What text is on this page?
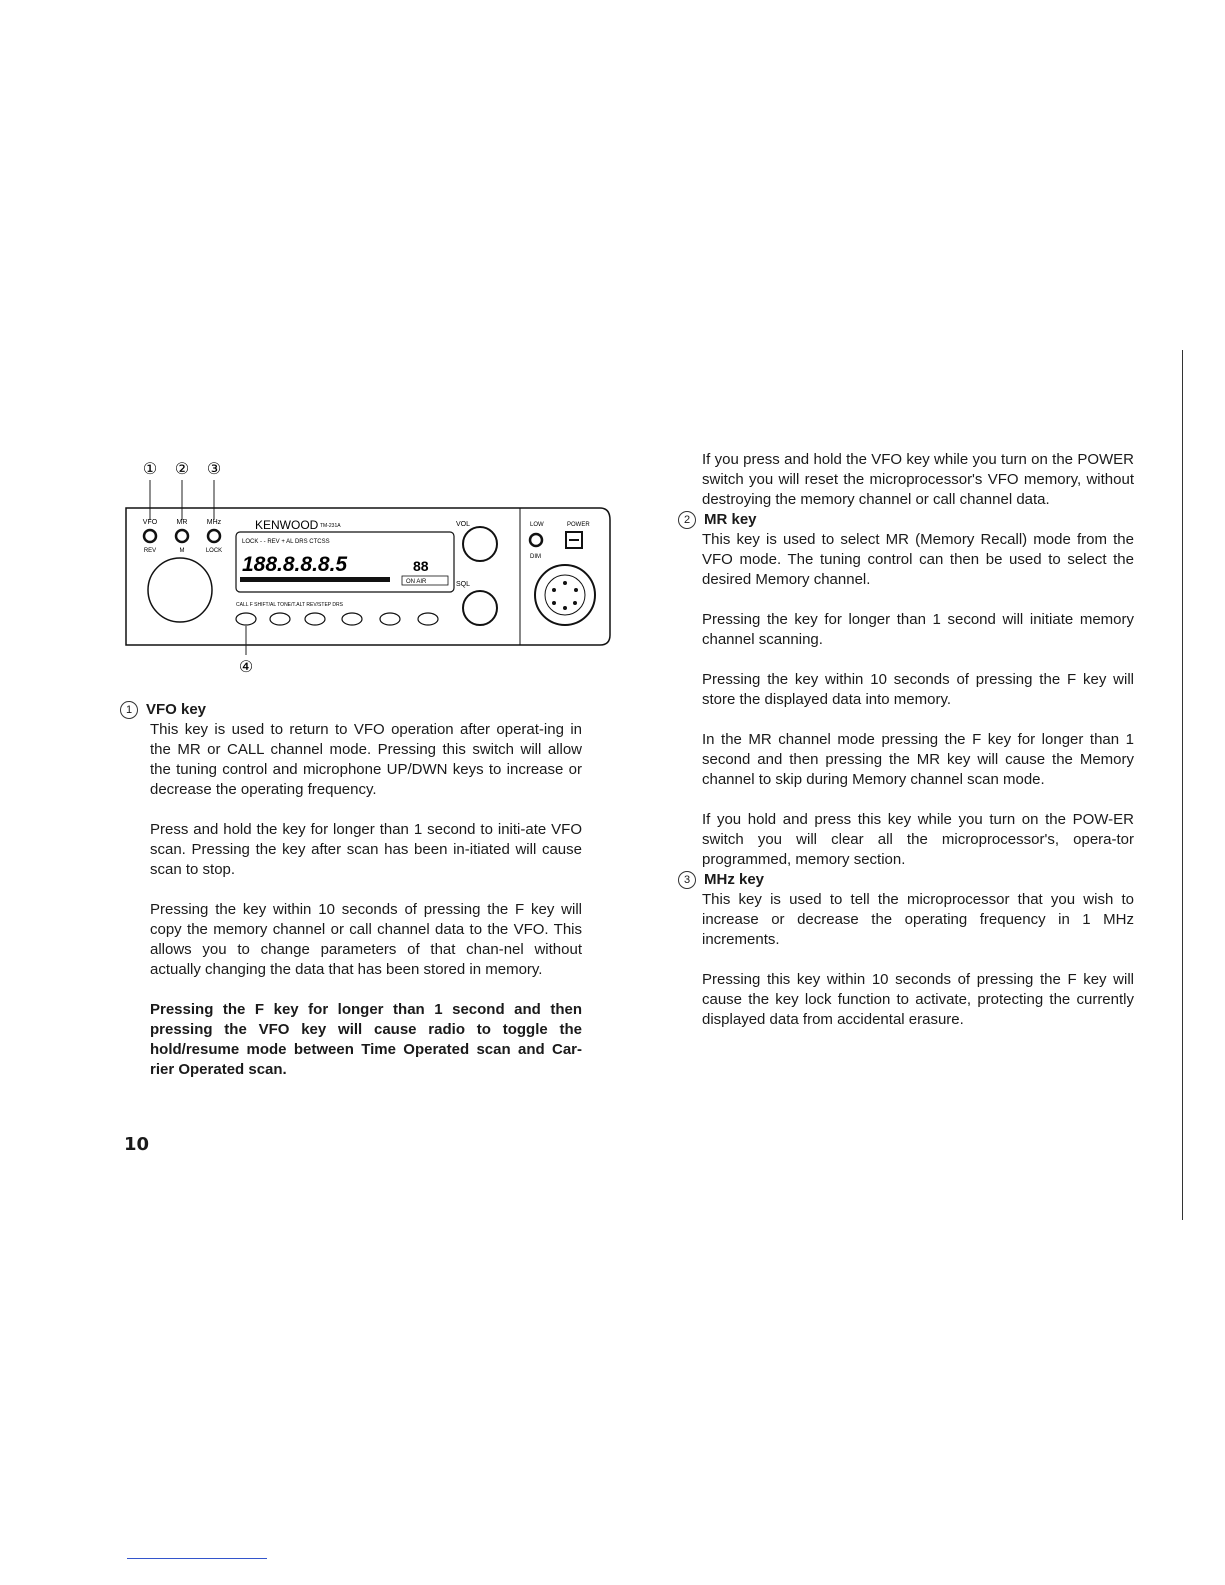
① ② ③
VFO	MR	MHz
REV	M	LOCK
KENWOOD TM-231A
LOCK - - REV + AL DRS CTCSS
188.8.8.8.5	88
ON AIR
CALL F SHIFT/AL TONE/T.ALT REV/STEP DRS
VOL
SQL
LOW	POWER
DIM
④
1 VFO key

This key is used to return to VFO operation after operat-ing in the MR or CALL channel mode. Pressing this switch will allow the tuning control and microphone UP/DWN keys to increase or decrease the operating frequency.

Press and hold the key for longer than 1 second to initi-ate VFO scan. Pressing the key after scan has been in-itiated will cause scan to stop.

Pressing the key within 10 seconds of pressing the F key will copy the memory channel or call channel data to the VFO. This allows you to change parameters of that chan-nel without actually changing the data that has been stored in memory.

Pressing the F key for longer than 1 second and then pressing the VFO key will cause radio to toggle the hold/resume mode between Time Operated scan and Car-rier Operated scan.

If you press and hold the VFO key while you turn on the POWER switch you will reset the microprocessor's VFO memory, without destroying the memory channel or call channel data.

2 MR key

This key is used to select MR (Memory Recall) mode from the VFO mode. The tuning control can then be used to select the desired Memory channel.

Pressing the key for longer than 1 second will initiate memory channel scanning.

Pressing the key within 10 seconds of pressing the F key will store the displayed data into memory.

In the MR channel mode pressing the F key for longer than 1 second and then pressing the MR key will cause the Memory channel to skip during Memory channel scan mode.

If you hold and press this key while you turn on the POW-ER switch you will clear all the microprocessor's, opera-tor programmed, memory section.

3 MHz key

This key is used to tell the microprocessor that you wish to increase or decrease the operating frequency in 1 MHz increments.

Pressing this key within 10 seconds of pressing the F key will cause the key lock function to activate, protecting the currently displayed data from accidental erasure.

10
